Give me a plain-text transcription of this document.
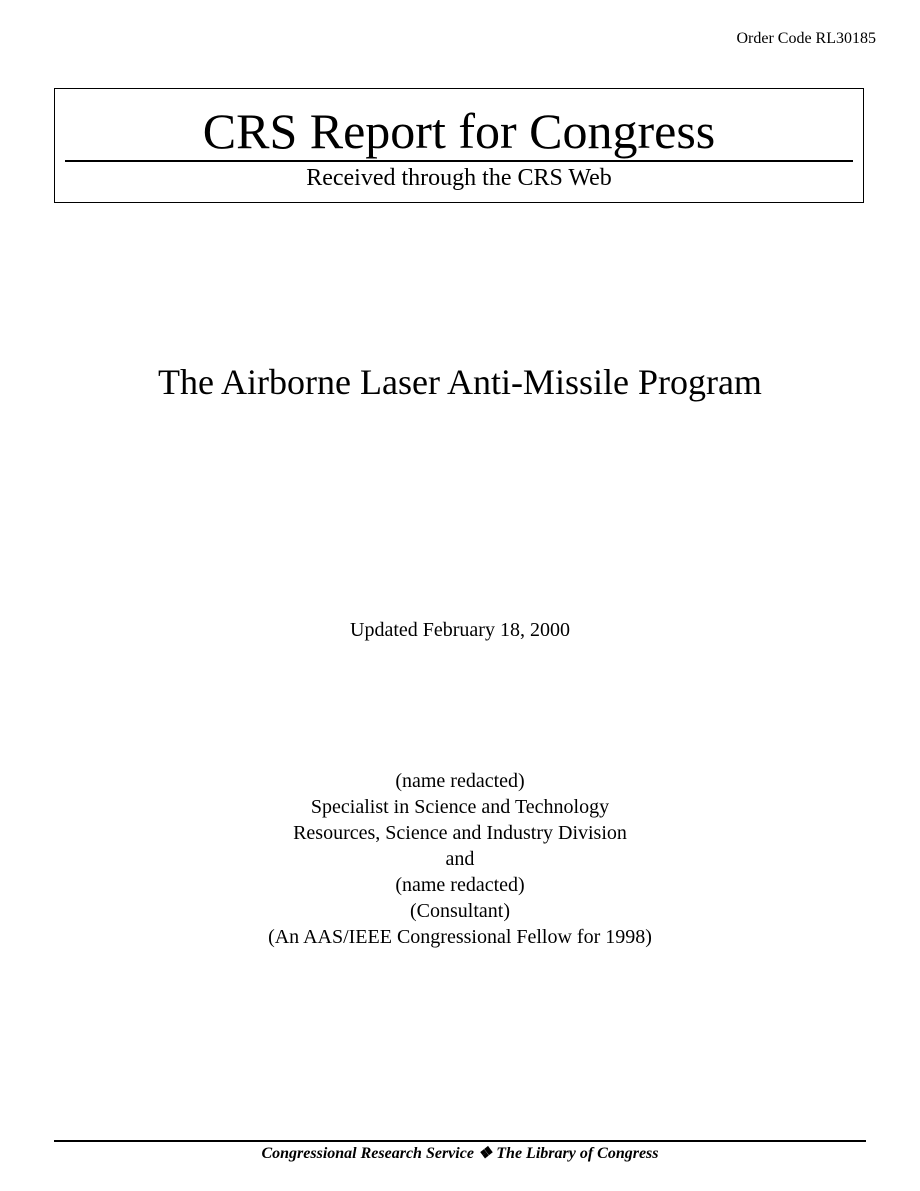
Order Code RL30185
CRS Report for Congress
Received through the CRS Web
The Airborne Laser Anti-Missile Program
Updated February 18, 2000
(name redacted)
Specialist in Science and Technology
Resources, Science and Industry Division
and
(name redacted)
(Consultant)
(An AAS/IEEE Congressional Fellow for 1998)
Congressional Research Service ❖ The Library of Congress
